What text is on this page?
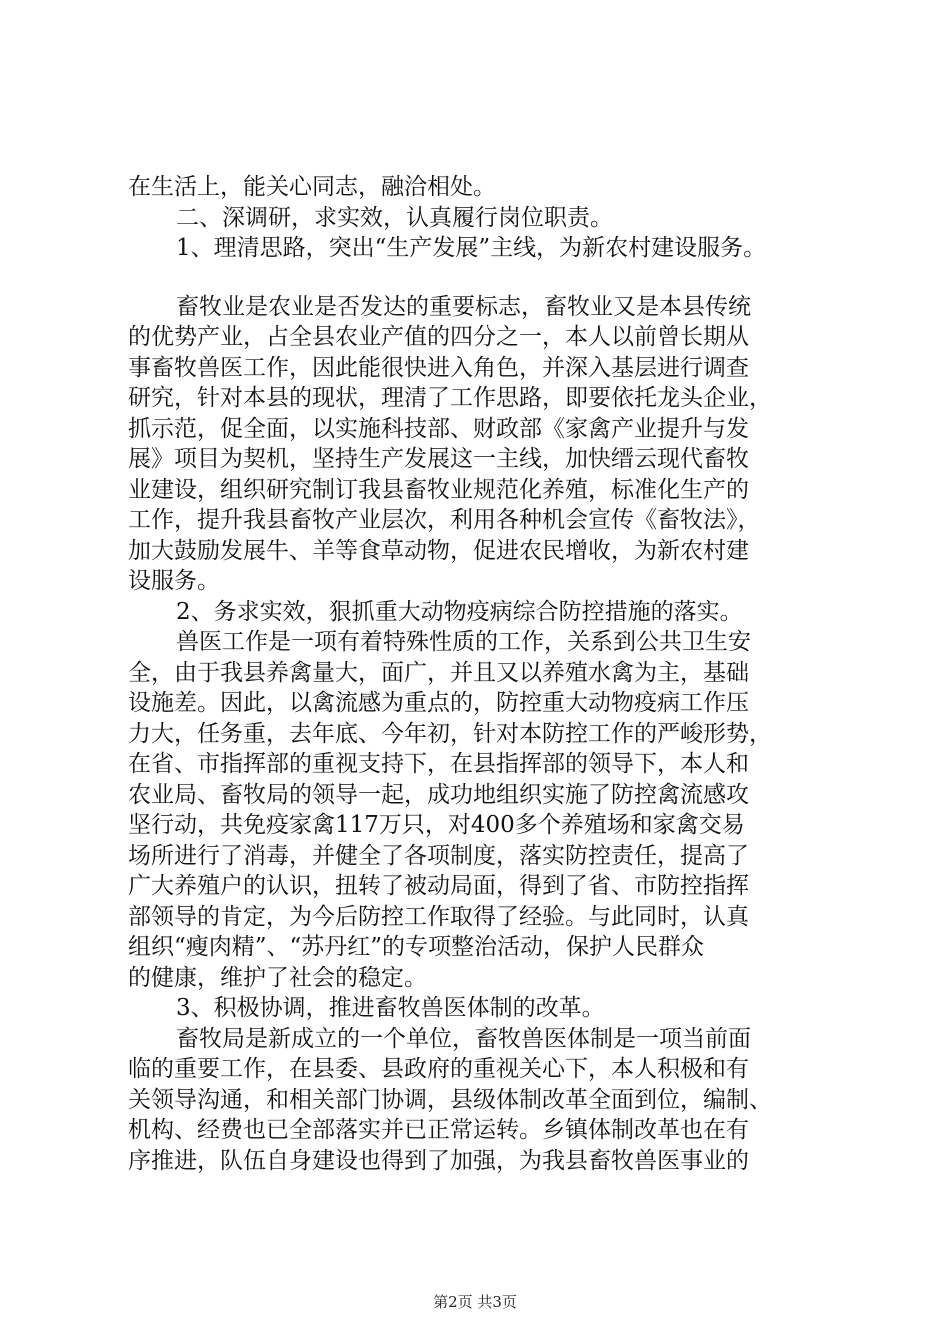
在生活上，能关心同志，融洽相处。
二、深调研，求实效，认真履行岗位职责。
1、理清思路，突出“生产发展”主线，为新农村建设服务。
畜牧业是农业是否发达的重要标志，畜牧业又是本县传统
的优势产业，占全县农业产值的四分之一，本人以前曾长期从
事畜牧兽医工作，因此能很快进入角色，并深入基层进行调查
研究，针对本县的现状，理清了工作思路，即要依托龙头企业，
抓示范，促全面，以实施科技部、财政部《家禽产业提升与发
展》项目为契机，坚持生产发展这一主线，加快缙云现代畜牧
业建设，组织研究制订我县畜牧业规范化养殖，标准化生产的
工作，提升我县畜牧产业层次，利用各种机会宣传《畜牧法》，
加大鼓励发展牛、羊等食草动物，促进农民增收，为新农村建
设服务。
2、务求实效，狠抓重大动物疫病综合防控措施的落实。
兽医工作是一项有着特殊性质的工作，关系到公共卫生安
全，由于我县养禽量大，面广，并且又以养殖水禽为主，基础
设施差。因此，以禽流感为重点的，防控重大动物疫病工作压
力大，任务重，去年底、今年初，针对本防控工作的严峻形势，
在省、市指挥部的重视支持下，在县指挥部的领导下，本人和
农业局、畜牧局的领导一起，成功地组织实施了防控禽流感攻
坚行动，共免疫家禽117万只，对400多个养殖场和家禽交易
场所进行了消毒，并健全了各项制度，落实防控责任，提高了
广大养殖户的认识，扭转了被动局面，得到了省、市防控指挥
部领导的肯定，为今后防控工作取得了经验。与此同时，认真
组织“瘦肉精”、“苏丹红”的专项整治活动，保护人民群众
的健康，维护了社会的稳定。
3、积极协调，推进畜牧兽医体制的改革。
畜牧局是新成立的一个单位，畜牧兽医体制是一项当前面
临的重要工作，在县委、县政府的重视关心下，本人积极和有
关领导沟通，和相关部门协调，县级体制改革全面到位，编制、
机构、经费也已全部落实并已正常运转。乡镇体制改革也在有
序推进，队伍自身建设也得到了加强，为我县畜牧兽医事业的
第2页 共3页
